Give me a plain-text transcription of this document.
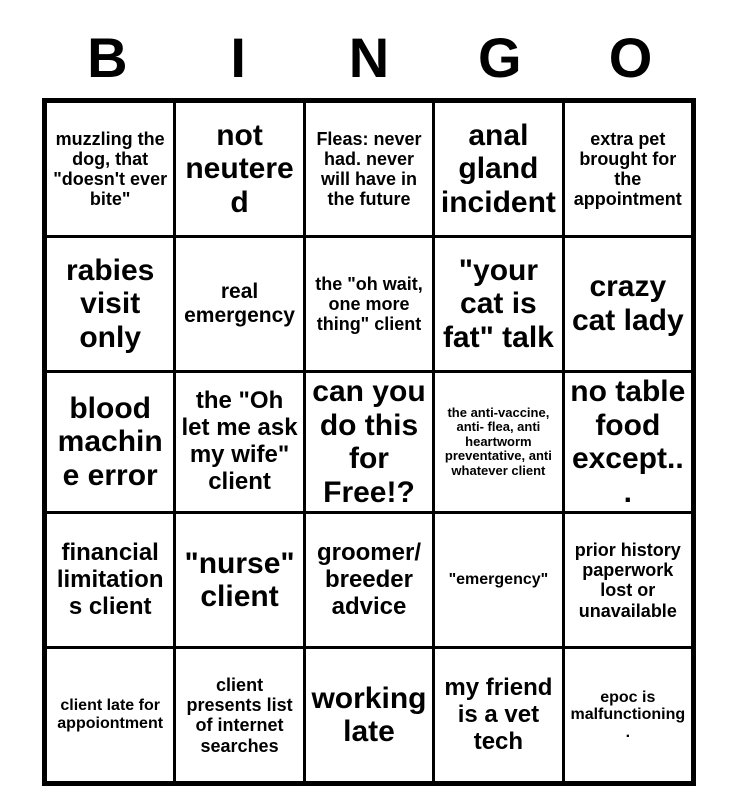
B	I	N	G	O
muzzling the dog, that "doesn't ever bite"	not neutered	Fleas: never had. never will have in the future	anal gland incident	extra pet brought for the appointment

rabies visit only	real emergency	the "oh wait, one more thing" client	"your cat is fat" talk	crazy cat lady

blood machine error	the "Oh let me ask my wife" client	can you do this for Free!?	the anti-vaccine, anti- flea, anti heartworm preventative, anti whatever client	no table food except...

financial limitations client	"nurse" client	groomer/ breeder advice	"emergency"	prior history paperwork lost or unavailable

client late for appoiontment	client presents list of internet searches	working late	my friend is a vet tech	epoc is malfunctioning.
